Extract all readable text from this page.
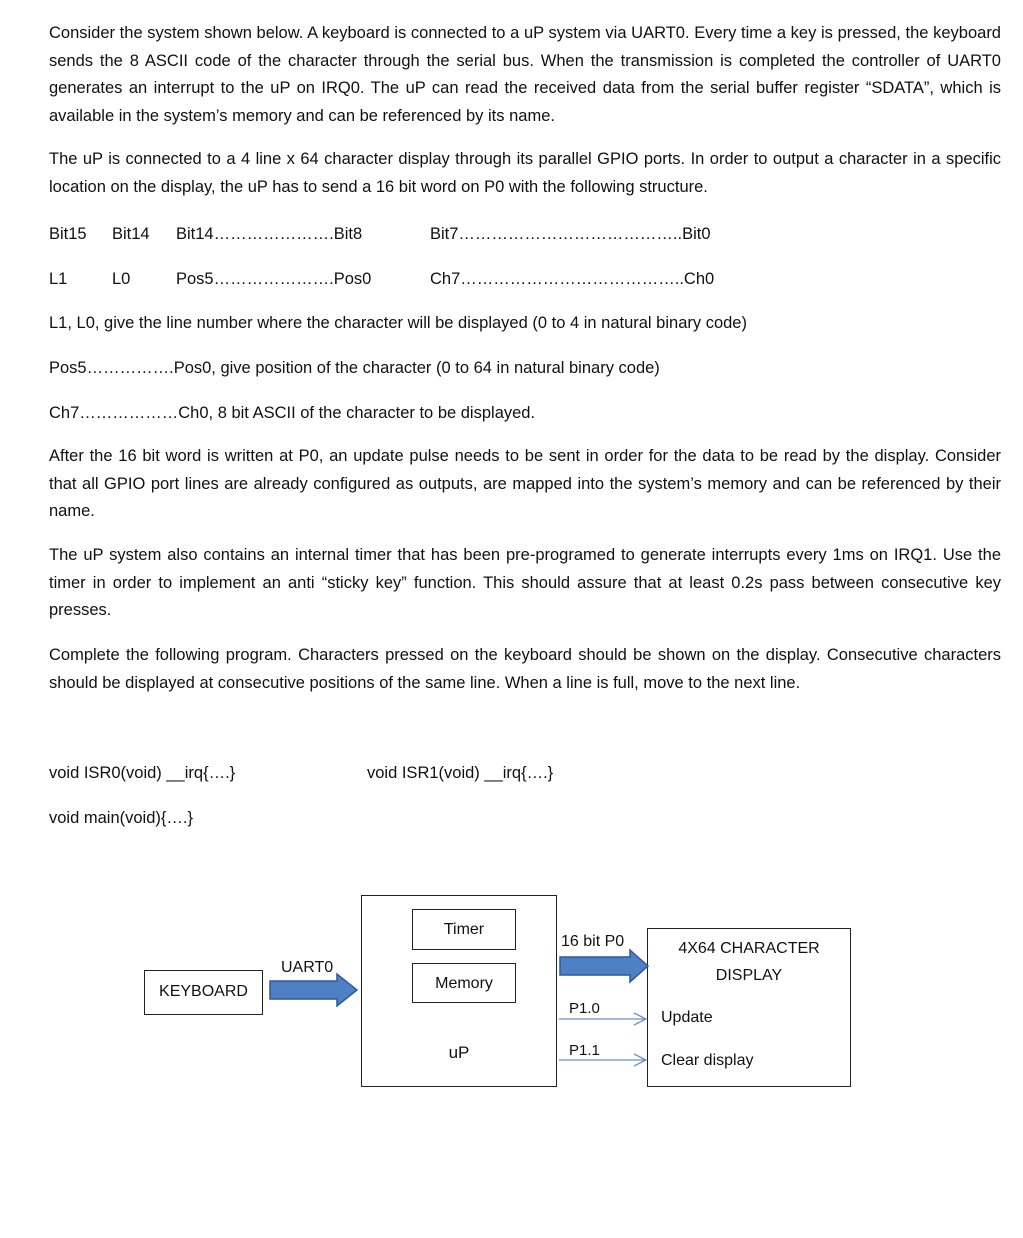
Consider the system shown below. A keyboard is connected to a uP system via UART0. Every time a key is pressed, the keyboard sends the 8 ASCII code of the character through the serial bus. When the transmission is completed the controller of UART0 generates an interrupt to the uP on IRQ0. The uP can read the received data from the serial buffer register “SDATA”, which is available in the system’s memory and can be referenced by its name.

The uP is connected to a 4 line x 64 character display through its parallel GPIO ports. In order to output a character in a specific location on the display, the uP has to send a 16 bit word on P0 with the following structure.

Bit15 Bit14 Bit14………………….Bit8	Bit7…………………………………..Bit0
L1	L0	Pos5………………….Pos0	Ch7…………………………………..Ch0
L1, L0, give the line number where the character will be displayed (0 to 4 in natural binary code)
Pos5…………….Pos0, give position of the character (0 to 64 in natural binary code)
Ch7………………Ch0, 8 bit ASCII of the character to be displayed.

After the 16 bit word is written at P0, an update pulse needs to be sent in order for the data to be read by the display. Consider that all GPIO port lines are already configured as outputs, are mapped into the system’s memory and can be referenced by their name.

The uP system also contains an internal timer that has been pre-programed to generate interrupts every 1ms on IRQ1. Use the timer in order to implement an anti “sticky key” function. This should assure that at least 0.2s pass between consecutive key presses.

Complete the following program. Characters pressed on the keyboard should be shown on the display. Consecutive characters should be displayed at consecutive positions of the same line. When a line is full, move to the next line.

void ISR0(void) __irq{….}	void ISR1(void) __irq{….}
void main(void){….}
KEYBOARD
UART0
uP
Timer
Memory
4X64 CHARACTER
DISPLAY
Update
Clear display
16 bit P0
P1.0
P1.1
